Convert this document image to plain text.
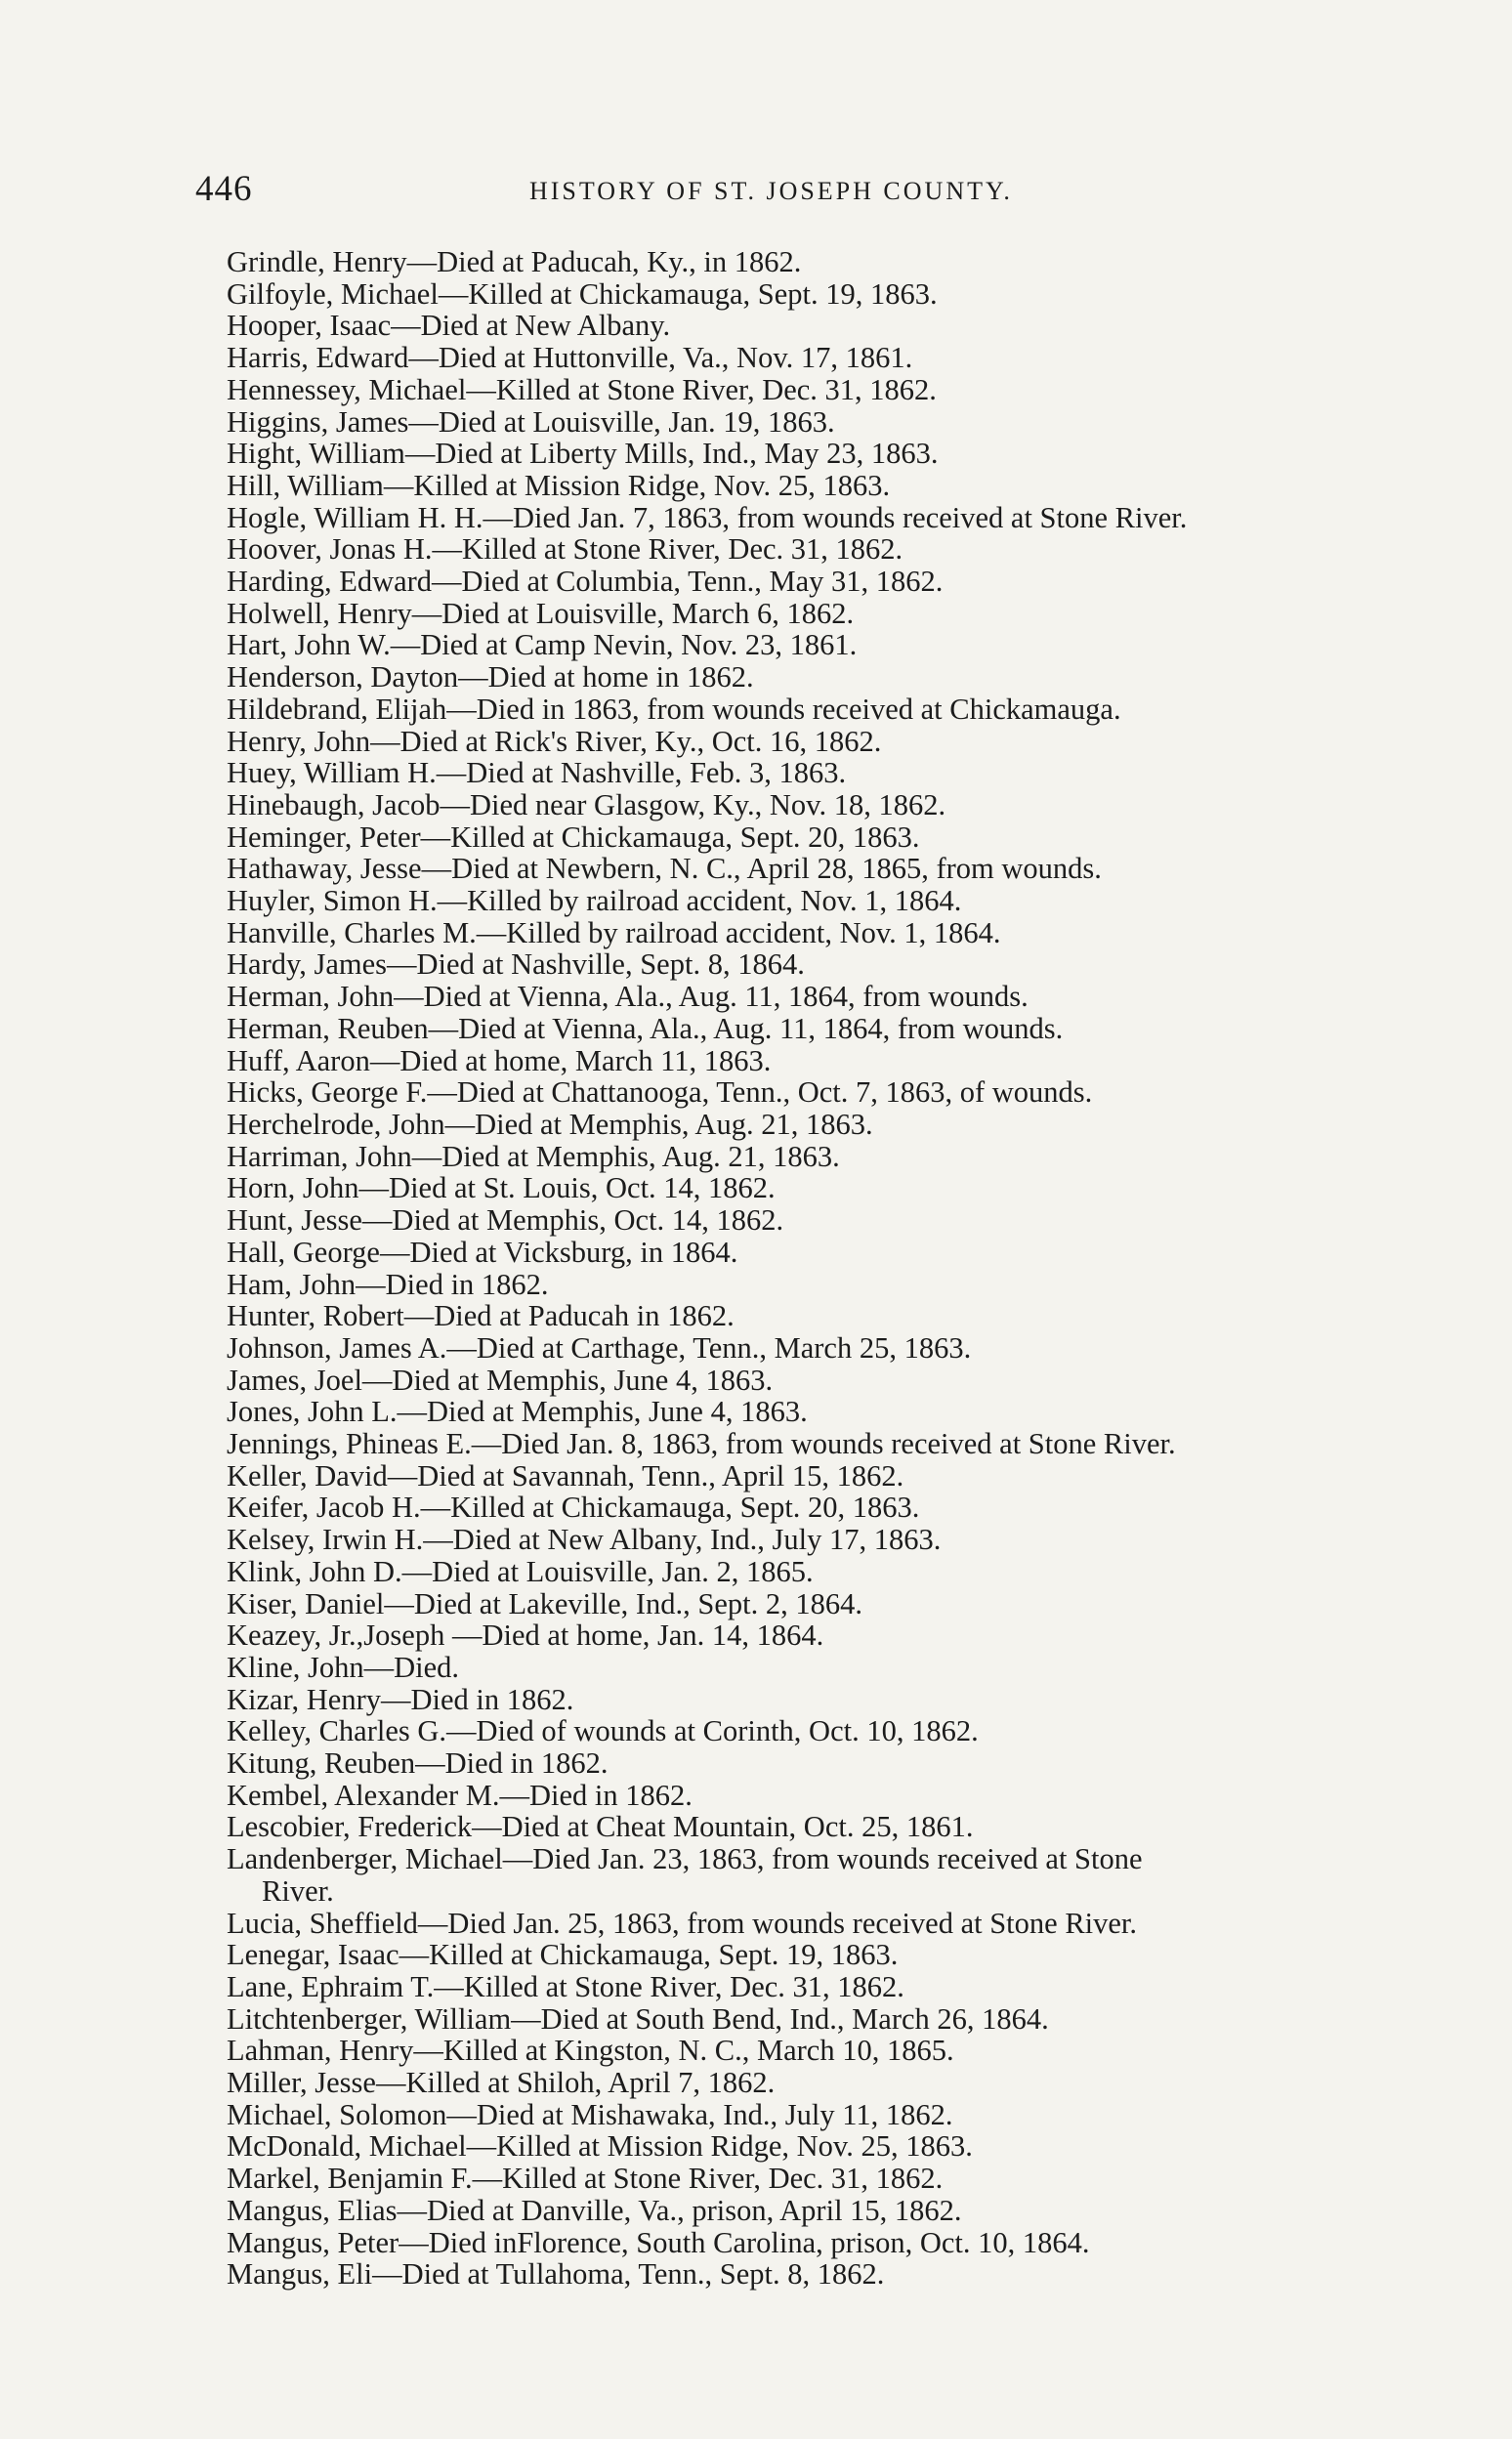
446	HISTORY OF ST. JOSEPH COUNTY.
Grindle, Henry—Died at Paducah, Ky., in 1862.
Gilfoyle, Michael—Killed at Chickamauga, Sept. 19, 1863.
Hooper, Isaac—Died at New Albany.
Harris, Edward—Died at Huttonville, Va., Nov. 17, 1861.
Hennessey, Michael—Killed at Stone River, Dec. 31, 1862.
Higgins, James—Died at Louisville, Jan. 19, 1863.
Hight, William—Died at Liberty Mills, Ind., May 23, 1863.
Hill, William—Killed at Mission Ridge, Nov. 25, 1863.
Hogle, William H. H.—Died Jan. 7, 1863, from wounds received at Stone River.
Hoover, Jonas H.—Killed at Stone River, Dec. 31, 1862.
Harding, Edward—Died at Columbia, Tenn., May 31, 1862.
Holwell, Henry—Died at Louisville, March 6, 1862.
Hart, John W.—Died at Camp Nevin, Nov. 23, 1861.
Henderson, Dayton—Died at home in 1862.
Hildebrand, Elijah—Died in 1863, from wounds received at Chickamauga.
Henry, John—Died at Rick's River, Ky., Oct. 16, 1862.
Huey, William H.—Died at Nashville, Feb. 3, 1863.
Hinebaugh, Jacob—Died near Glasgow, Ky., Nov. 18, 1862.
Heminger, Peter—Killed at Chickamauga, Sept. 20, 1863.
Hathaway, Jesse—Died at Newbern, N. C., April 28, 1865, from wounds.
Huyler, Simon H.—Killed by railroad accident, Nov. 1, 1864.
Hanville, Charles M.—Killed by railroad accident, Nov. 1, 1864.
Hardy, James—Died at Nashville, Sept. 8, 1864.
Herman, John—Died at Vienna, Ala., Aug. 11, 1864, from wounds.
Herman, Reuben—Died at Vienna, Ala., Aug. 11, 1864, from wounds.
Huff, Aaron—Died at home, March 11, 1863.
Hicks, George F.—Died at Chattanooga, Tenn., Oct. 7, 1863, of wounds.
Herchelrode, John—Died at Memphis, Aug. 21, 1863.
Harriman, John—Died at Memphis, Aug. 21, 1863.
Horn, John—Died at St. Louis, Oct. 14, 1862.
Hunt, Jesse—Died at Memphis, Oct. 14, 1862.
Hall, George—Died at Vicksburg, in 1864.
Ham, John—Died in 1862.
Hunter, Robert—Died at Paducah in 1862.
Johnson, James A.—Died at Carthage, Tenn., March 25, 1863.
James, Joel—Died at Memphis, June 4, 1863.
Jones, John L.—Died at Memphis, June 4, 1863.
Jennings, Phineas E.—Died Jan. 8, 1863, from wounds received at Stone River.
Keller, David—Died at Savannah, Tenn., April 15, 1862.
Keifer, Jacob H.—Killed at Chickamauga, Sept. 20, 1863.
Kelsey, Irwin H.—Died at New Albany, Ind., July 17, 1863.
Klink, John D.—Died at Louisville, Jan. 2, 1865.
Kiser, Daniel—Died at Lakeville, Ind., Sept. 2, 1864.
Keazey, Jr.,Joseph —Died at home, Jan. 14, 1864.
Kline, John—Died.
Kizar, Henry—Died in 1862.
Kelley, Charles G.—Died of wounds at Corinth, Oct. 10, 1862.
Kitung, Reuben—Died in 1862.
Kembel, Alexander M.—Died in 1862.
Lescobier, Frederick—Died at Cheat Mountain, Oct. 25, 1861.
Landenberger, Michael—Died Jan. 23, 1863, from wounds received at Stone
River.
Lucia, Sheffield—Died Jan. 25, 1863, from wounds received at Stone River.
Lenegar, Isaac—Killed at Chickamauga, Sept. 19, 1863.
Lane, Ephraim T.—Killed at Stone River, Dec. 31, 1862.
Litchtenberger, William—Died at South Bend, Ind., March 26, 1864.
Lahman, Henry—Killed at Kingston, N. C., March 10, 1865.
Miller, Jesse—Killed at Shiloh, April 7, 1862.
Michael, Solomon—Died at Mishawaka, Ind., July 11, 1862.
McDonald, Michael—Killed at Mission Ridge, Nov. 25, 1863.
Markel, Benjamin F.—Killed at Stone River, Dec. 31, 1862.
Mangus, Elias—Died at Danville, Va., prison, April 15, 1862.
Mangus, Peter—Died inFlorence, South Carolina, prison, Oct. 10, 1864.
Mangus, Eli—Died at Tullahoma, Tenn., Sept. 8, 1862.
